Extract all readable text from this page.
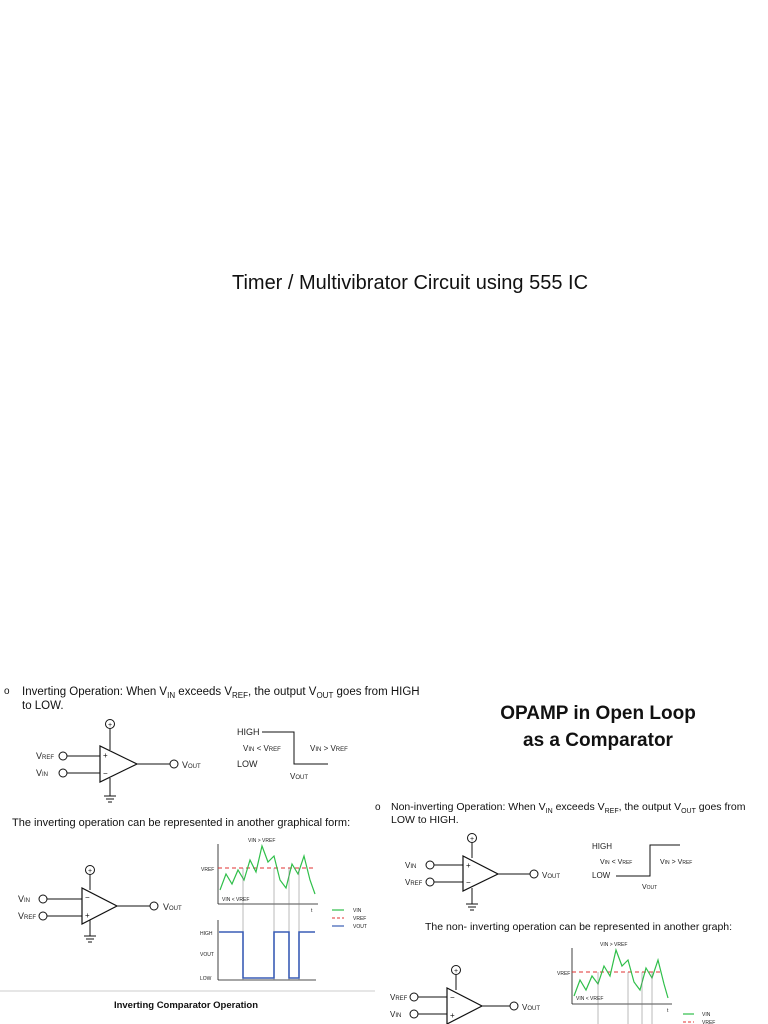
Timer / Multivibrator Circuit using 555 IC
o Inverting Operation: When $V_{IN}$ exceeds $V_{REF}$, the output $V_{OUT}$ goes from HIGH
to LOW.	OPAMP in Open Loop
as a Comparator
+
+
−
VREF
VIN
VOUT
HIGH
LOW
VIN < VREF	VIN > VREF
VOUT
The inverting operation can be represented in another graphical form:
+
−
+
VIN
VREF
VOUT
VIN > VREF
VREF
VIN < VREF
t	VIN
VREF
VOUT
HIGH
VOUT
LOW
Inverting Comparator Operation
o Non-inverting Operation: When $V_{IN}$ exceeds $V_{REF}$, the output $V_{OUT}$ goes from
LOW to HIGH.
+
+
−
VIN
VREF
VOUT
HIGH
LOW
VIN < VREF	VIN > VREF
VOUT
The non- inverting operation can be represented in another graph:
+
−
+
VREF
VIN
VOUT
VIN > VREF
VREF
VIN < VREF
t
VIN
VREF
